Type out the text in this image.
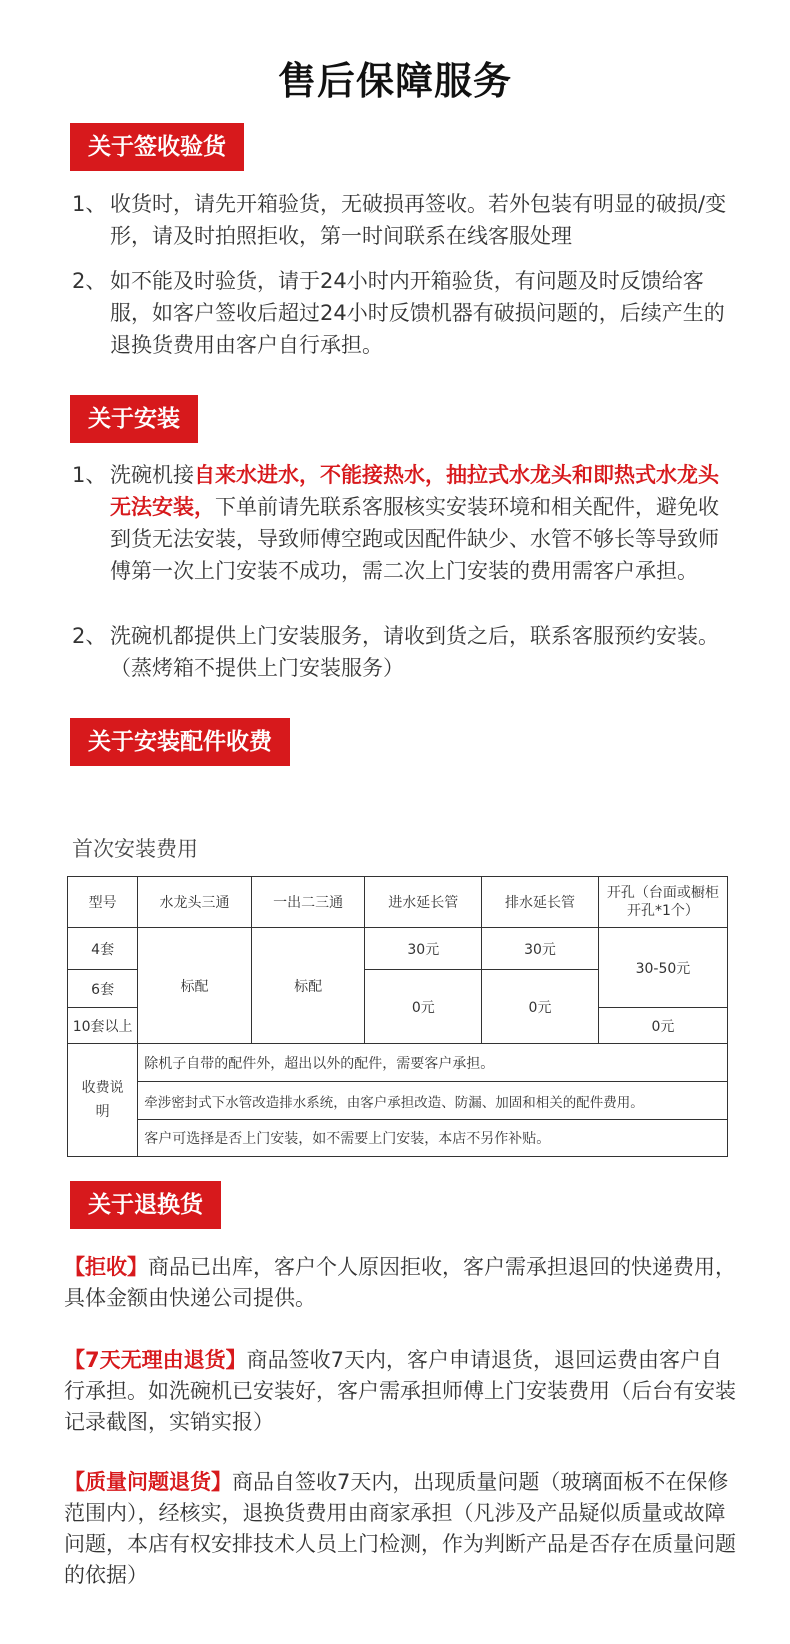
售后保障服务
关于签收验货
1、 收货时，请先开箱验货，无破损再签收。若外包装有明显的破损/变形，请及时拍照拒收，第一时间联系在线客服处理
2、 如不能及时验货，请于24小时内开箱验货，有问题及时反馈给客服，如客户签收后超过24小时反馈机器有破损问题的，后续产生的退换货费用由客户自行承担。
关于安装
1、 洗碗机接自来水进水，不能接热水，抽拉式水龙头和即热式水龙头无法安装，下单前请先联系客服核实安装环境和相关配件，避免收到货无法安装，导致师傅空跑或因配件缺少、水管不够长等导致师傅第一次上门安装不成功，需二次上门安装的费用需客户承担。
2、 洗碗机都提供上门安装服务，请收到货之后，联系客服预约安装。（蒸烤箱不提供上门安装服务）
关于安装配件收费
首次安装费用
型号	水龙头三通	一出二三通	进水延长管	排水延长管	开孔（台面或橱柜开孔*1个）
4套	标配	标配	30元	30元	30-50元
6套			0元	0元	
10套以上					0元
收费说明	除机子自带的配件外，超出以外的配件，需要客户承担。				
	牵涉密封式下水管改造排水系统，由客户承担改造、防漏、加固和相关的配件费用。				
	客户可选择是否上门安装，如不需要上门安装，本店不另作补贴。				
关于退换货
【拒收】商品已出库，客户个人原因拒收，客户需承担退回的快递费用，具体金额由快递公司提供。
【7天无理由退货】商品签收7天内，客户申请退货，退回运费由客户自行承担。如洗碗机已安装好，客户需承担师傅上门安装费用（后台有安装记录截图，实销实报）
【质量问题退货】商品自签收7天内，出现质量问题（玻璃面板不在保修范围内），经核实，退换货费用由商家承担（凡涉及产品疑似质量或故障问题，本店有权安排技术人员上门检测，作为判断产品是否存在质量问题的依据）
